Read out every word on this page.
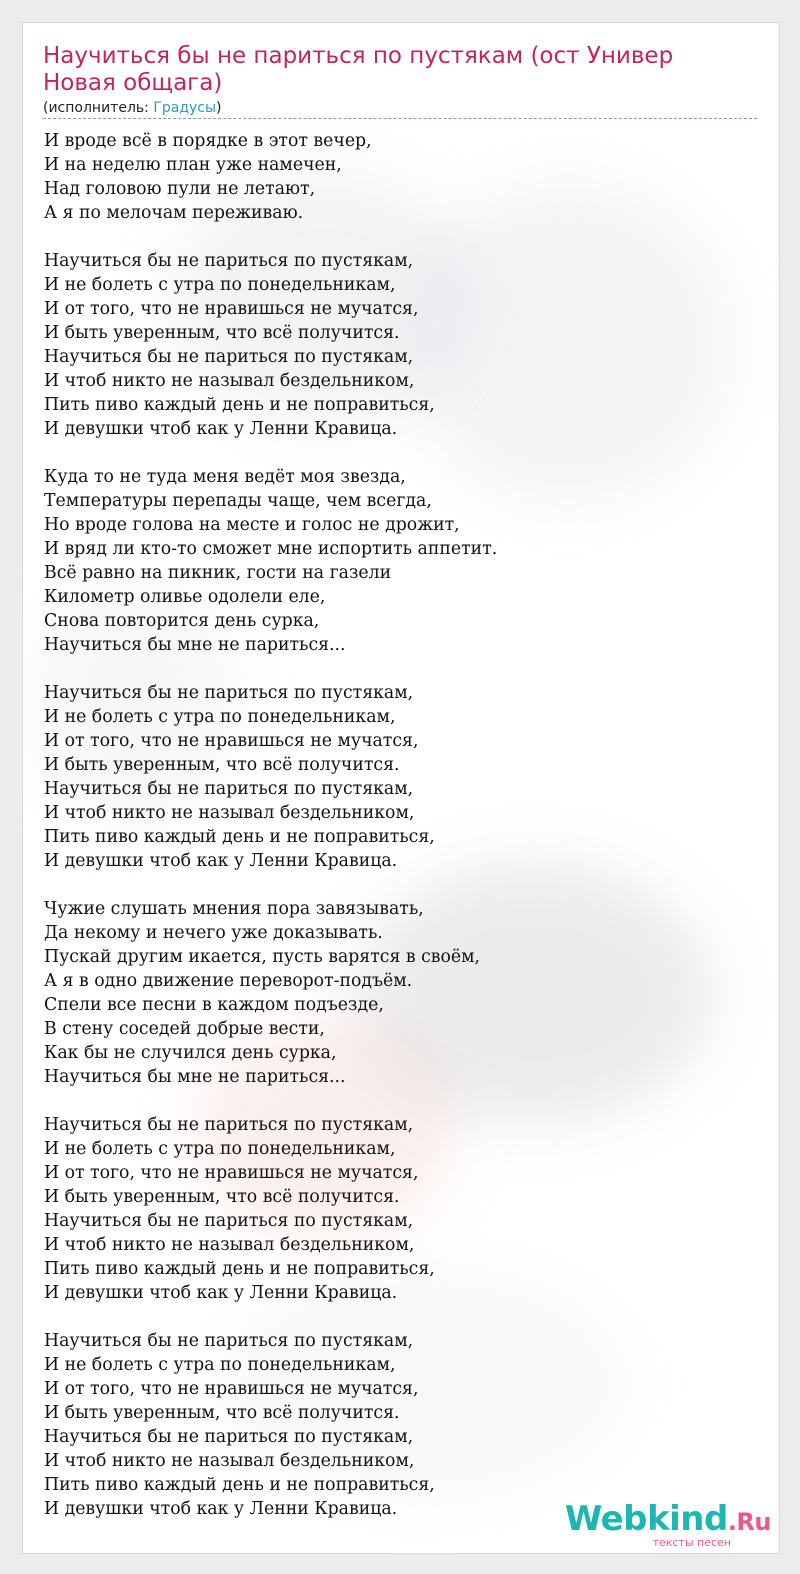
Научиться бы не париться по пустякам (ост Универ Новая общага)
(исполнитель: Градусы)
И вроде всё в порядке в этот вечер,
И на неделю план уже намечен,
Над головою пули не летают,
А я по мелочам переживаю.
Научиться бы не париться по пустякам,
И не болеть с утра по понедельникам,
И от того, что не нравишься не мучатся,
И быть уверенным, что всё получится.
Научиться бы не париться по пустякам,
И чтоб никто не называл бездельником,
Пить пиво каждый день и не поправиться,
И девушки чтоб как у Ленни Кравица.
Куда то не туда меня ведёт моя звезда,
Температуры перепады чаще, чем всегда,
Но вроде голова на месте и голос не дрожит,
И вряд ли кто-то сможет мне испортить аппетит.
Всё равно на пикник, гости на газели
Километр оливье одолели еле,
Снова повторится день сурка,
Научиться бы мне не париться...
Научиться бы не париться по пустякам,
И не болеть с утра по понедельникам,
И от того, что не нравишься не мучатся,
И быть уверенным, что всё получится.
Научиться бы не париться по пустякам,
И чтоб никто не называл бездельником,
Пить пиво каждый день и не поправиться,
И девушки чтоб как у Ленни Кравица.
Чужие слушать мнения пора завязывать,
Да некому и нечего уже доказывать.
Пускай другим икается, пусть варятся в своём,
А я в одно движение переворот-подъём.
Спели все песни в каждом подъезде,
В стену соседей добрые вести,
Как бы не случился день сурка,
Научиться бы мне не париться...
Научиться бы не париться по пустякам,
И не болеть с утра по понедельникам,
И от того, что не нравишься не мучатся,
И быть уверенным, что всё получится.
Научиться бы не париться по пустякам,
И чтоб никто не называл бездельником,
Пить пиво каждый день и не поправиться,
И девушки чтоб как у Ленни Кравица.
Научиться бы не париться по пустякам,
И не болеть с утра по понедельникам,
И от того, что не нравишься не мучатся,
И быть уверенным, что всё получится.
Научиться бы не париться по пустякам,
И чтоб никто не называл бездельником,
Пить пиво каждый день и не поправиться,
И девушки чтоб как у Ленни Кравица.	Webkind.Ru
тексты песен
